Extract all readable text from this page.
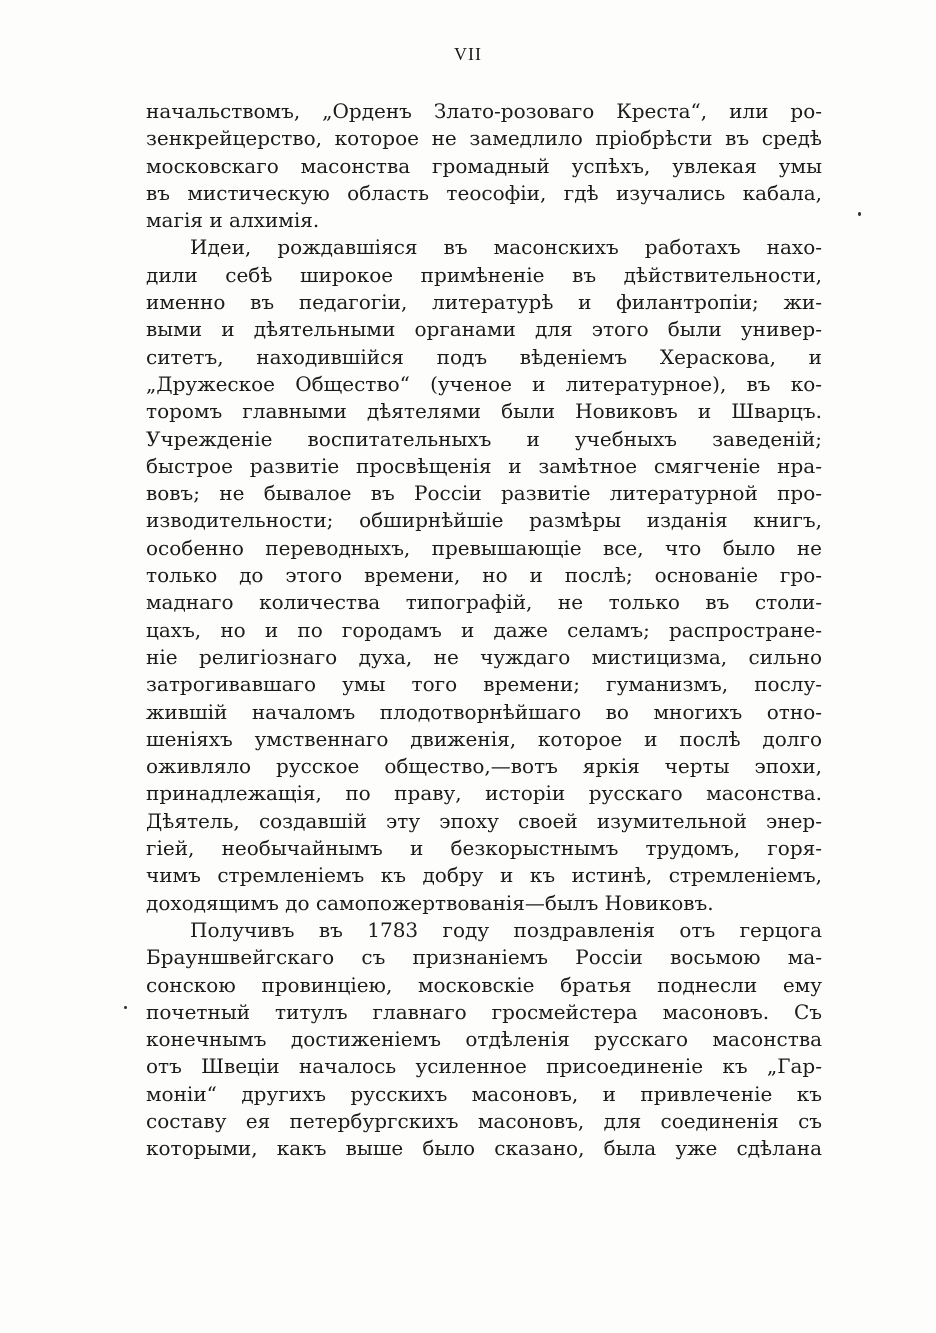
VII
начальствомъ, „Орденъ Злато-розоваго Креста“, или ро-
зенкрейцерство, которое не замедлило пріобрѣсти въ средѣ
московскаго масонства громадный успѣхъ, увлекая умы
въ мистическую область теософіи, гдѣ изучались кабала,
магія и алхимія.
Идеи, рождавшіяся въ масонскихъ работахъ нахо-
дили себѣ широкое примѣненіе въ дѣйствительности,
именно въ педагогіи, литературѣ и филантропіи; жи-
выми и дѣятельными органами для этого были универ-
ситетъ, находившійся подъ вѣденіемъ Хераскова, и
„Дружеское Общество“ (ученое и литературное), въ ко-
торомъ главными дѣятелями были Новиковъ и Шварцъ.
Учрежденіе воспитательныхъ и учебныхъ заведеній;
быстрое развитіе просвѣщенія и замѣтное смягченіе нра-
вовъ; не бывалое въ Россіи развитіе литературной про-
изводительности; обширнѣйшіе размѣры изданія книгъ,
особенно переводныхъ, превышающіе все, что было не
только до этого времени, но и послѣ; основаніе гро-
маднаго количества типографій, не только въ столи-
цахъ, но и по городамъ и даже селамъ; распростране-
ніе религіознаго духа, не чуждаго мистицизма, сильно
затрогивавшаго умы того времени; гуманизмъ, послу-
жившій началомъ плодотворнѣйшаго во многихъ отно-
шеніяхъ умственнаго движенія, которое и послѣ долго
оживляло русское общество,—вотъ яркія черты эпохи,
принадлежащія, по праву, исторіи русскаго масонства.
Дѣятель, создавшій эту эпоху своей изумительной энер-
гіей, необычайнымъ и безкорыстнымъ трудомъ, горя-
чимъ стремленіемъ къ добру и къ истинѣ, стремленіемъ,
доходящимъ до самопожертвованія—былъ Новиковъ.
Получивъ въ 1783 году поздравленія отъ герцога
Брауншвейгскаго съ признаніемъ Россіи восьмою ма-
сонскою провинціею, московскіе братья поднесли ему
почетный титулъ главнаго гросмейстера масоновъ. Съ
конечнымъ достиженіемъ отдѣленія русскаго масонства
отъ Швеціи началось усиленное присоединеніе къ „Гар-
моніи“ другихъ русскихъ масоновъ, и привлеченіе къ
составу ея петербургскихъ масоновъ, для соединенія съ
которыми, какъ выше было сказано, была уже сдѣлана
